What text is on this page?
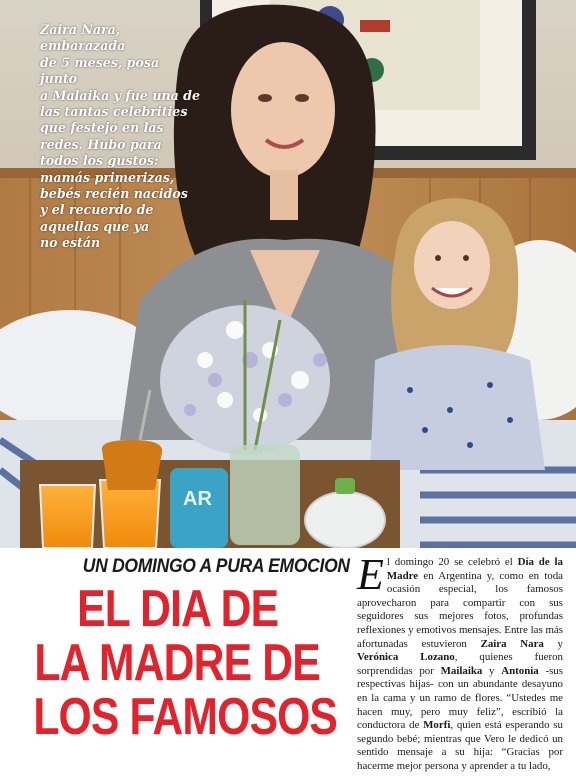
AR

Zaira Nara, embarazada
de 5 meses, posa junto
a Malaika y fue una de
las tantas celebrities
que festejó en las
redes. Hubo para
todos los gustos:
mamás primerizas,
bebés recién nacidos
y el recuerdo de
aquellas que ya
no están

UN DOMINGO A PURA EMOCION

EL DIA DE
LA MADRE DE
LOS FAMOSOS

El domingo 20 se celebró el Día de la Madre en Argentina y, como en toda ocasión especial, los famosos aprovecharon para compartir con sus seguidores sus mejores fotos, profundas reflexiones y emotivos mensajes. Entre las más afortunadas estuvieron Zaira Nara y Verónica Lozano, quienes fueron sorprendidas por Mailaika y Antonia -sus respectivas hijas- con un abundante desayuno en la cama y un ramo de flores. “Ustedes me hacen muy, pero muy feliz”, escribió la conductora de Morfi, quien está esperando su segundo bebé; mientras que Vero le dedicó un sentido mensaje a su hija: “Gracias por hacerme mejor persona y aprender a tu lado,
